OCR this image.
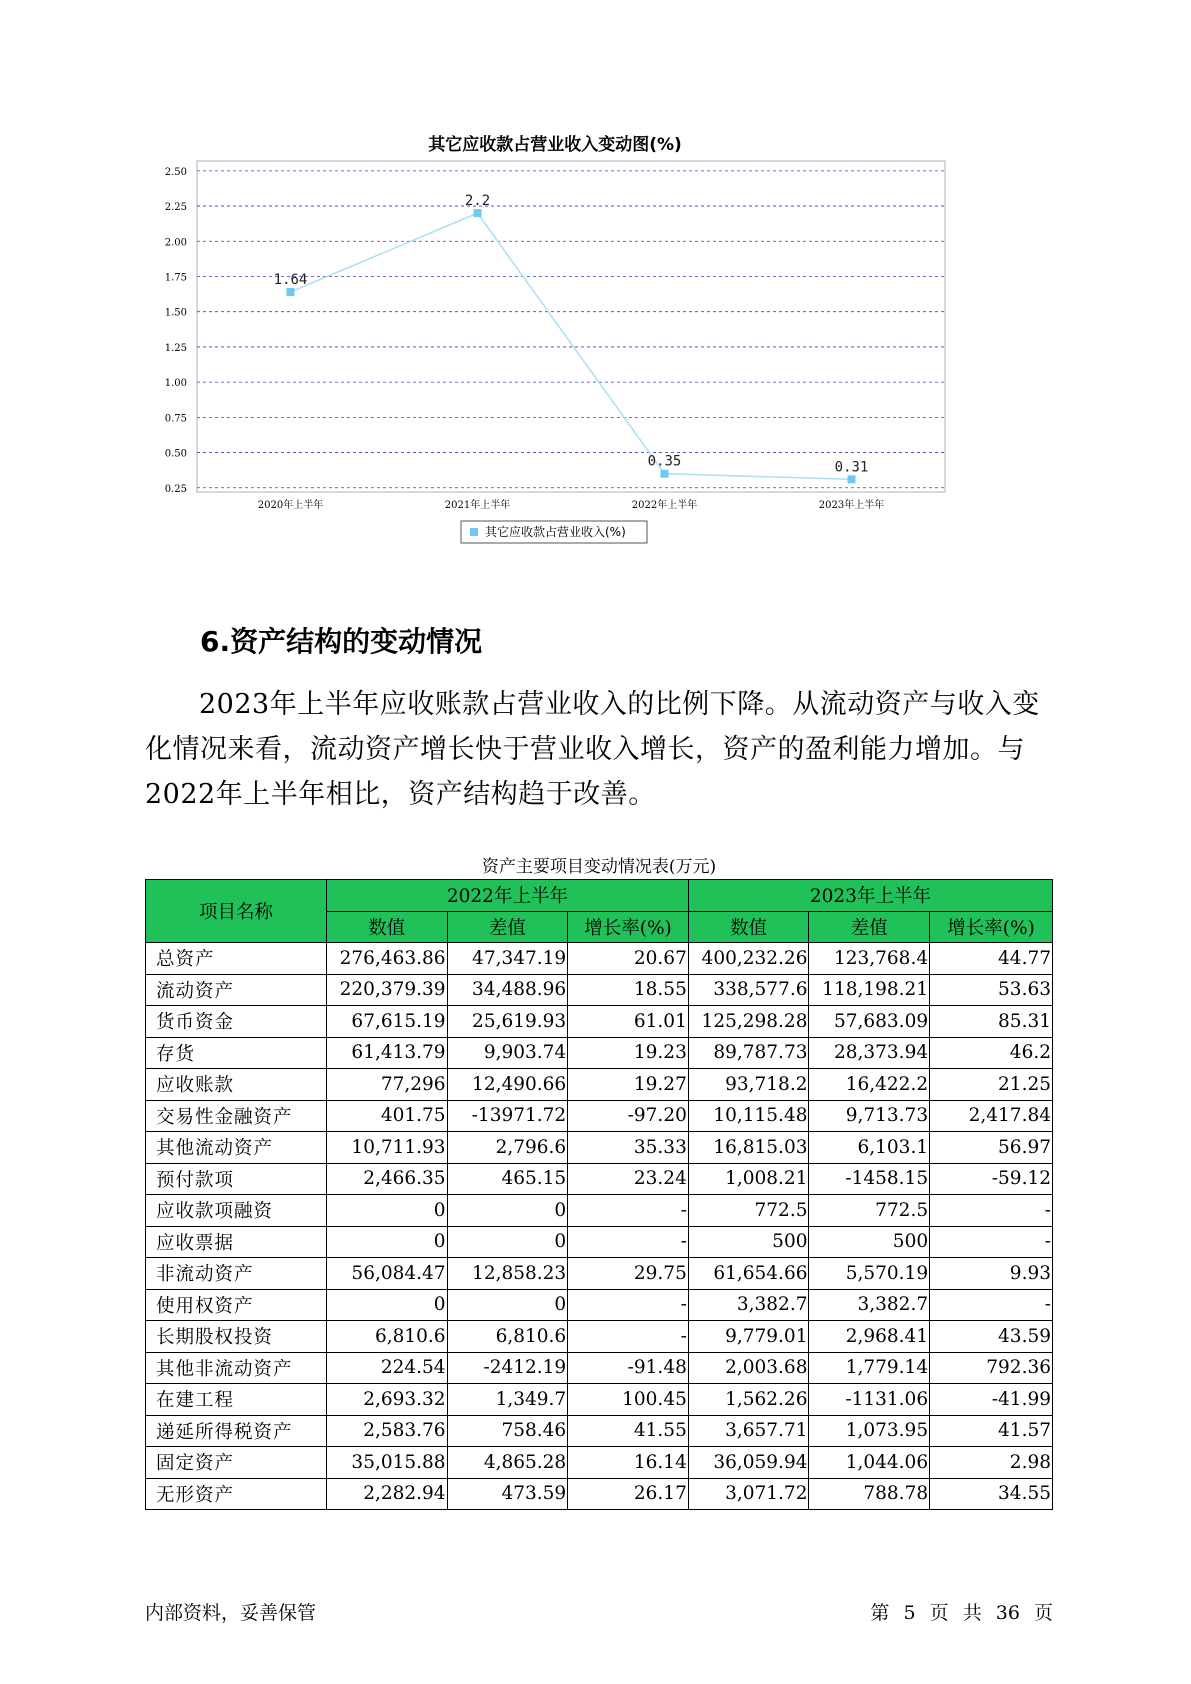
其它应收款占营业收入变动图(%)
0.25
0.50
0.75
1.00
1.25
1.50
1.75
2.00
2.25
2.50
2020年上半年	2021年上半年	2022年上半年	2023年上半年
1.64
2.2
0.35	0.31
其它应收款占营业收入(%)
6.资产结构的变动情况

2023年上半年应收账款占营业收入的比例下降。从流动资产与收入变化情况来看，流动资产增长快于营业收入增长，资产的盈利能力增加。与2022年上半年相比，资产结构趋于改善。

资产主要项目变动情况表(万元)
项目名称	2022年上半年			2023年上半年		
	数值	差值	增长率(%)	数值	差值	增长率(%)
总资产	276,463.86	47,347.19	20.67	400,232.26	123,768.4	44.77
流动资产	220,379.39	34,488.96	18.55	338,577.6	118,198.21	53.63
货币资金	67,615.19	25,619.93	61.01	125,298.28	57,683.09	85.31
存货	61,413.79	9,903.74	19.23	89,787.73	28,373.94	46.2
应收账款	77,296	12,490.66	19.27	93,718.2	16,422.2	21.25
交易性金融资产	401.75	-13971.72	-97.20	10,115.48	9,713.73	2,417.84
其他流动资产	10,711.93	2,796.6	35.33	16,815.03	6,103.1	56.97
预付款项	2,466.35	465.15	23.24	1,008.21	-1458.15	-59.12
应收款项融资	0	0	-	772.5	772.5	-
应收票据	0	0	-	500	500	-
非流动资产	56,084.47	12,858.23	29.75	61,654.66	5,570.19	9.93
使用权资产	0	0	-	3,382.7	3,382.7	-
长期股权投资	6,810.6	6,810.6	-	9,779.01	2,968.41	43.59
其他非流动资产	224.54	-2412.19	-91.48	2,003.68	1,779.14	792.36
在建工程	2,693.32	1,349.7	100.45	1,562.26	-1131.06	-41.99
递延所得税资产	2,583.76	758.46	41.55	3,657.71	1,073.95	41.57
固定资产	35,015.88	4,865.28	16.14	36,059.94	1,044.06	2.98
无形资产	2,282.94	473.59	26.17	3,071.72	788.78	34.55
内部资料，妥善保管	第 5 页 共 36 页
